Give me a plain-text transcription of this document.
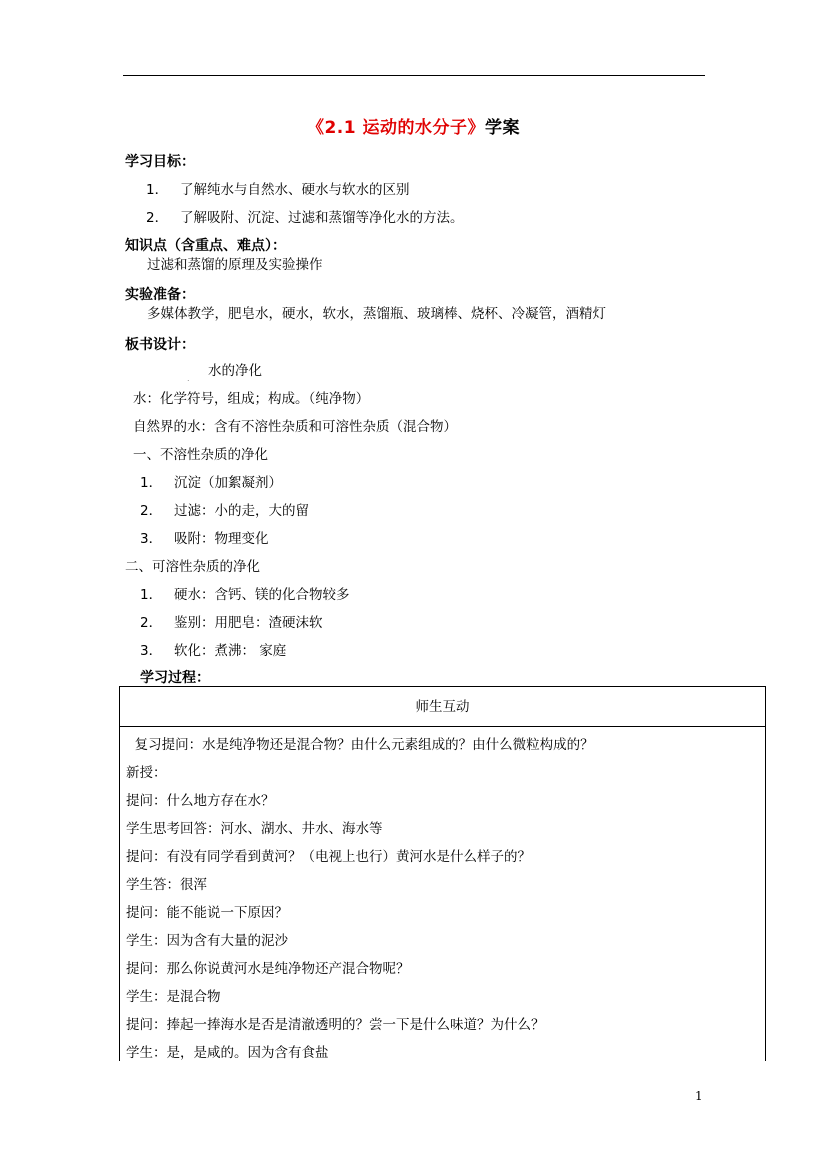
《2.1 运动的水分子》学案
学习目标：
1． 了解纯水与自然水、硬水与软水的区别
2． 了解吸附、沉淀、过滤和蒸馏等净化水的方法。
知识点（含重点、难点）：
过滤和蒸馏的原理及实验操作
实验准备：
多媒体教学，肥皂水，硬水，软水，蒸馏瓶、玻璃棒、烧杯、冷凝管，酒精灯
板书设计：
. 水的净化
水：化学符号，组成；构成。（纯净物）
自然界的水：含有不溶性杂质和可溶性杂质（混合物）
一、不溶性杂质的净化
1． 沉淀（加絮凝剂）
2． 过滤：小的走，大的留
3． 吸附：物理变化
二、可溶性杂质的净化
1． 硬水：含钙、镁的化合物较多
2． 鉴别：用肥皂：渣硬沫软
3． 软化：煮沸： 家庭
学习过程：
师生互动
复习提问：水是纯净物还是混合物？由什么元素组成的？由什么微粒构成的？
新授：
提问：什么地方存在水？
学生思考回答：河水、湖水、井水、海水等
提问：有没有同学看到黄河？（电视上也行）黄河水是什么样子的？
学生答：很浑
提问：能不能说一下原因？
学生：因为含有大量的泥沙
提问：那么你说黄河水是纯净物还产混合物呢？
学生：是混合物
提问：捧起一捧海水是否是清澈透明的？尝一下是什么味道？为什么？
学生：是，是咸的。因为含有食盐
1
